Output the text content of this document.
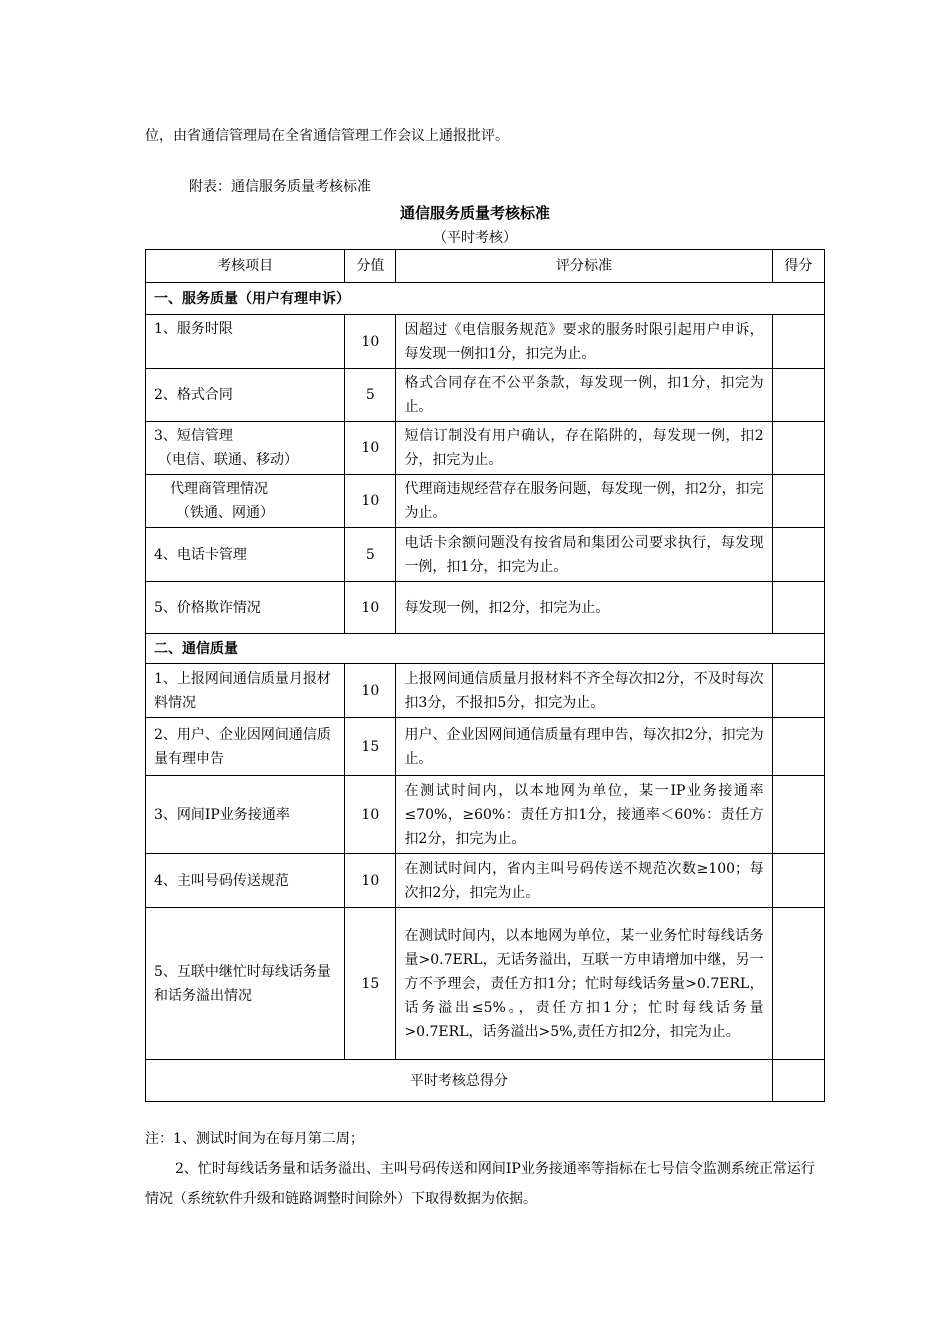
位，由省通信管理局在全省通信管理工作会议上通报批评。
附表：通信服务质量考核标准
通信服务质量考核标准
（平时考核）
考核项目	分值	评分标准	得分
一、服务质量（用户有理申诉）			
1、服务时限	10	因超过《电信服务规范》要求的服务时限引起用户申诉，每发现一例扣1分，扣完为止。	
2、格式合同	5	格式合同存在不公平条款，每发现一例，扣1分，扣完为止。	

3、短信管理
（电信、联通、移动）	10	短信订制没有用户确认，存在陷阱的，每发现一例，扣2分，扣完为止。	

代理商管理情况
（铁通、网通）	10	代理商违规经营存在服务问题，每发现一例，扣2分，扣完为止。	
4、电话卡管理	5	电话卡余额问题没有按省局和集团公司要求执行，每发现一例，扣1分，扣完为止。	
5、价格欺诈情况	10	每发现一例，扣2分，扣完为止。	
二、通信质量			
1、上报网间通信质量月报材料情况	10	上报网间通信质量月报材料不齐全每次扣2分，不及时每次扣3分，不报扣5分，扣完为止。	
2、用户、企业因网间通信质量有理申告	15	用户、企业因网间通信质量有理申告，每次扣2分，扣完为止。	
3、网间IP业务接通率	10	在测试时间内，以本地网为单位，某一IP业务接通率≤70%，≥60%：责任方扣1分，接通率＜60%：责任方扣2分，扣完为止。	
4、主叫号码传送规范	10	在测试时间内，省内主叫号码传送不规范次数≥100；每次扣2分，扣完为止。	
5、互联中继忙时每线话务量和话务溢出情况	15	在测试时间内，以本地网为单位，某一业务忙时每线话务量>0.7ERL，无话务溢出，互联一方申请增加中继，另一方不予理会，责任方扣1分；忙时每线话务量>0.7ERL，话务溢出≤5%。，责任方扣1分；忙时每线话务量>0.7ERL，话务溢出>5%,责任方扣2分，扣完为止。	
平时考核总得分			
注：1、测试时间为在每月第二周；
2、忙时每线话务量和话务溢出、主叫号码传送和网间IP业务接通率等指标在七号信令监测系统正常运行情况（系统软件升级和链路调整时间除外）下取得数据为依据。
